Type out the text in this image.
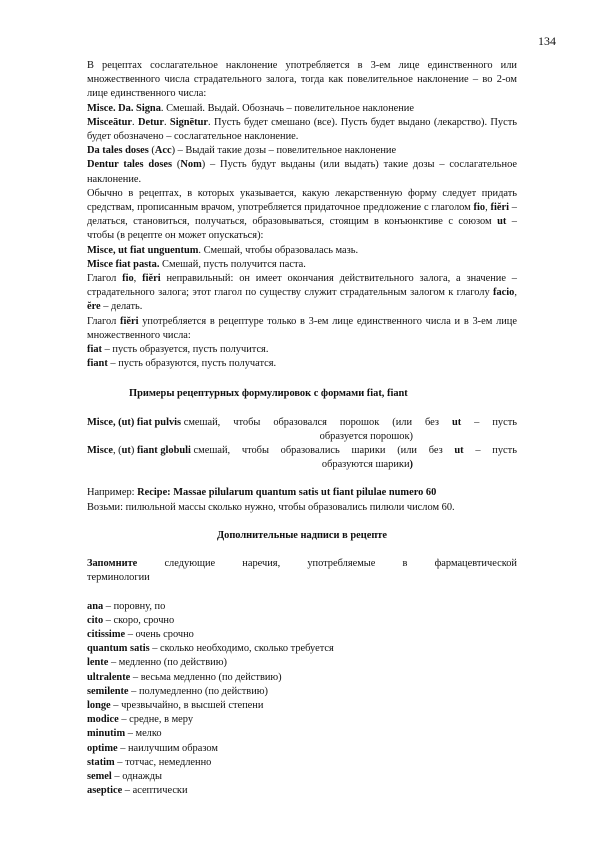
134

В рецептах сослагательное наклонение употребляется в 3-ем лице единственного или множественного числа страдательного залога, тогда как повелительное наклонение – во 2-ом лице единственного числа:

Misce. Da. Signa. Смешай. Выдай. Обозначь – повелительное наклонение

Misceātur. Detur. Signētur. Пусть будет смешано (все). Пусть будет выдано (лекарство). Пусть будет обозначено – сослагательное наклонение.

Da tales doses (Acc) – Выдай такие дозы – повелительное наклонение

Dentur tales doses (Nom) – Пусть будут выданы (или выдать) такие дозы – сослагательное наклонение.

Обычно в рецептах, в которых указывается, какую лекарственную форму следует придать средствам, прописанным врачом, употребляется придаточное предложение с глаголом fio, fiĕri – делаться, становиться, получаться, образовываться, стоящим в конъюнктиве с союзом ut – чтобы (в рецепте он может опускаться):

Misce, ut fiat unguentum. Смешай, чтобы образовалась мазь.

Misce fiat pasta. Смешай, пусть получится паста.

Глагол fio, fiĕri неправильный: он имеет окончания действительного залога, а значение – страдательного залога; этот глагол по существу служит страдательным залогом к глаголу facio, ĕre – делать.

Глагол fiĕri употребляется в рецептуре только в 3-ем лице единственного числа и в 3-ем лице множественного числа:

fiat – пусть образуется, пусть получится.

fiant – пусть образуются, пусть получатся.

Примеры рецептурных формулировок с формами fiat, fiant

Misce, (ut) fiat pulvis смешай, чтобы образовался порошок (или без ut – пусть

образуется порошок)

Misce, (ut) fiant globuli смешай, чтобы образовались шарики (или без ut – пусть

образуются шарики)

Например: Recipe: Massae pilularum quantum satis ut fiant pilulae numero 60

Возьми: пилюльной массы сколько нужно, чтобы образовались пилюли числом 60.

Дополнительные надписи в рецепте

Запомните	следующие	наречия,	употребляемые	в	фармацевтической

терминологии

ana – поровну, по

cito – скоро, срочно

citissime – очень срочно

quantum satis – сколько необходимо, сколько требуется

lente – медленно (по действию)

ultralente – весьма медленно (по действию)

semilente – полумедленно (по действию)

longe – чрезвычайно, в высшей степени

modice – средне, в меру

minutim – мелко

optime – наилучшим образом

statim – тотчас, немедленно

semel – однажды

aseptice – асептически
